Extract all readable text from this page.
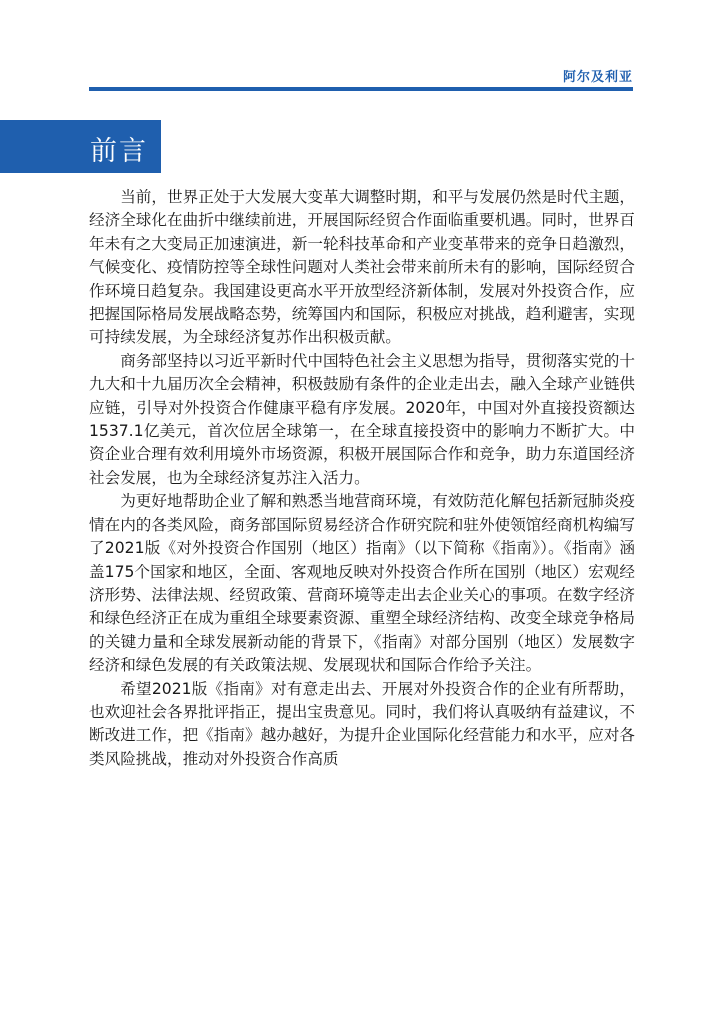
阿尔及利亚
前言

当前，世界正处于大发展大变革大调整时期，和平与发展仍然是时代主题，经济全球化在曲折中继续前进，开展国际经贸合作面临重要机遇。同时，世界百年未有之大变局正加速演进，新一轮科技革命和产业变革带来的竞争日趋激烈，气候变化、疫情防控等全球性问题对人类社会带来前所未有的影响，国际经贸合作环境日趋复杂。我国建设更高水平开放型经济新体制，发展对外投资合作，应把握国际格局发展战略态势，统筹国内和国际，积极应对挑战，趋利避害，实现可持续发展，为全球经济复苏作出积极贡献。

商务部坚持以习近平新时代中国特色社会主义思想为指导，贯彻落实党的十九大和十九届历次全会精神，积极鼓励有条件的企业走出去，融入全球产业链供应链，引导对外投资合作健康平稳有序发展。2020年，中国对外直接投资额达1537.1亿美元，首次位居全球第一，在全球直接投资中的影响力不断扩大。中资企业合理有效利用境外市场资源，积极开展国际合作和竞争，助力东道国经济社会发展，也为全球经济复苏注入活力。

为更好地帮助企业了解和熟悉当地营商环境，有效防范化解包括新冠肺炎疫情在内的各类风险，商务部国际贸易经济合作研究院和驻外使领馆经商机构编写了2021版《对外投资合作国别（地区）指南》（以下简称《指南》）。《指南》涵盖175个国家和地区，全面、客观地反映对外投资合作所在国别（地区）宏观经济形势、法律法规、经贸政策、营商环境等走出去企业关心的事项。在数字经济和绿色经济正在成为重组全球要素资源、重塑全球经济结构、改变全球竞争格局的关键力量和全球发展新动能的背景下，《指南》对部分国别（地区）发展数字经济和绿色发展的有关政策法规、发展现状和国际合作给予关注。

希望2021版《指南》对有意走出去、开展对外投资合作的企业有所帮助，也欢迎社会各界批评指正，提出宝贵意见。同时，我们将认真吸纳有益建议，不断改进工作，把《指南》越办越好，为提升企业国际化经营能力和水平，应对各类风险挑战，推动对外投资合作高质
